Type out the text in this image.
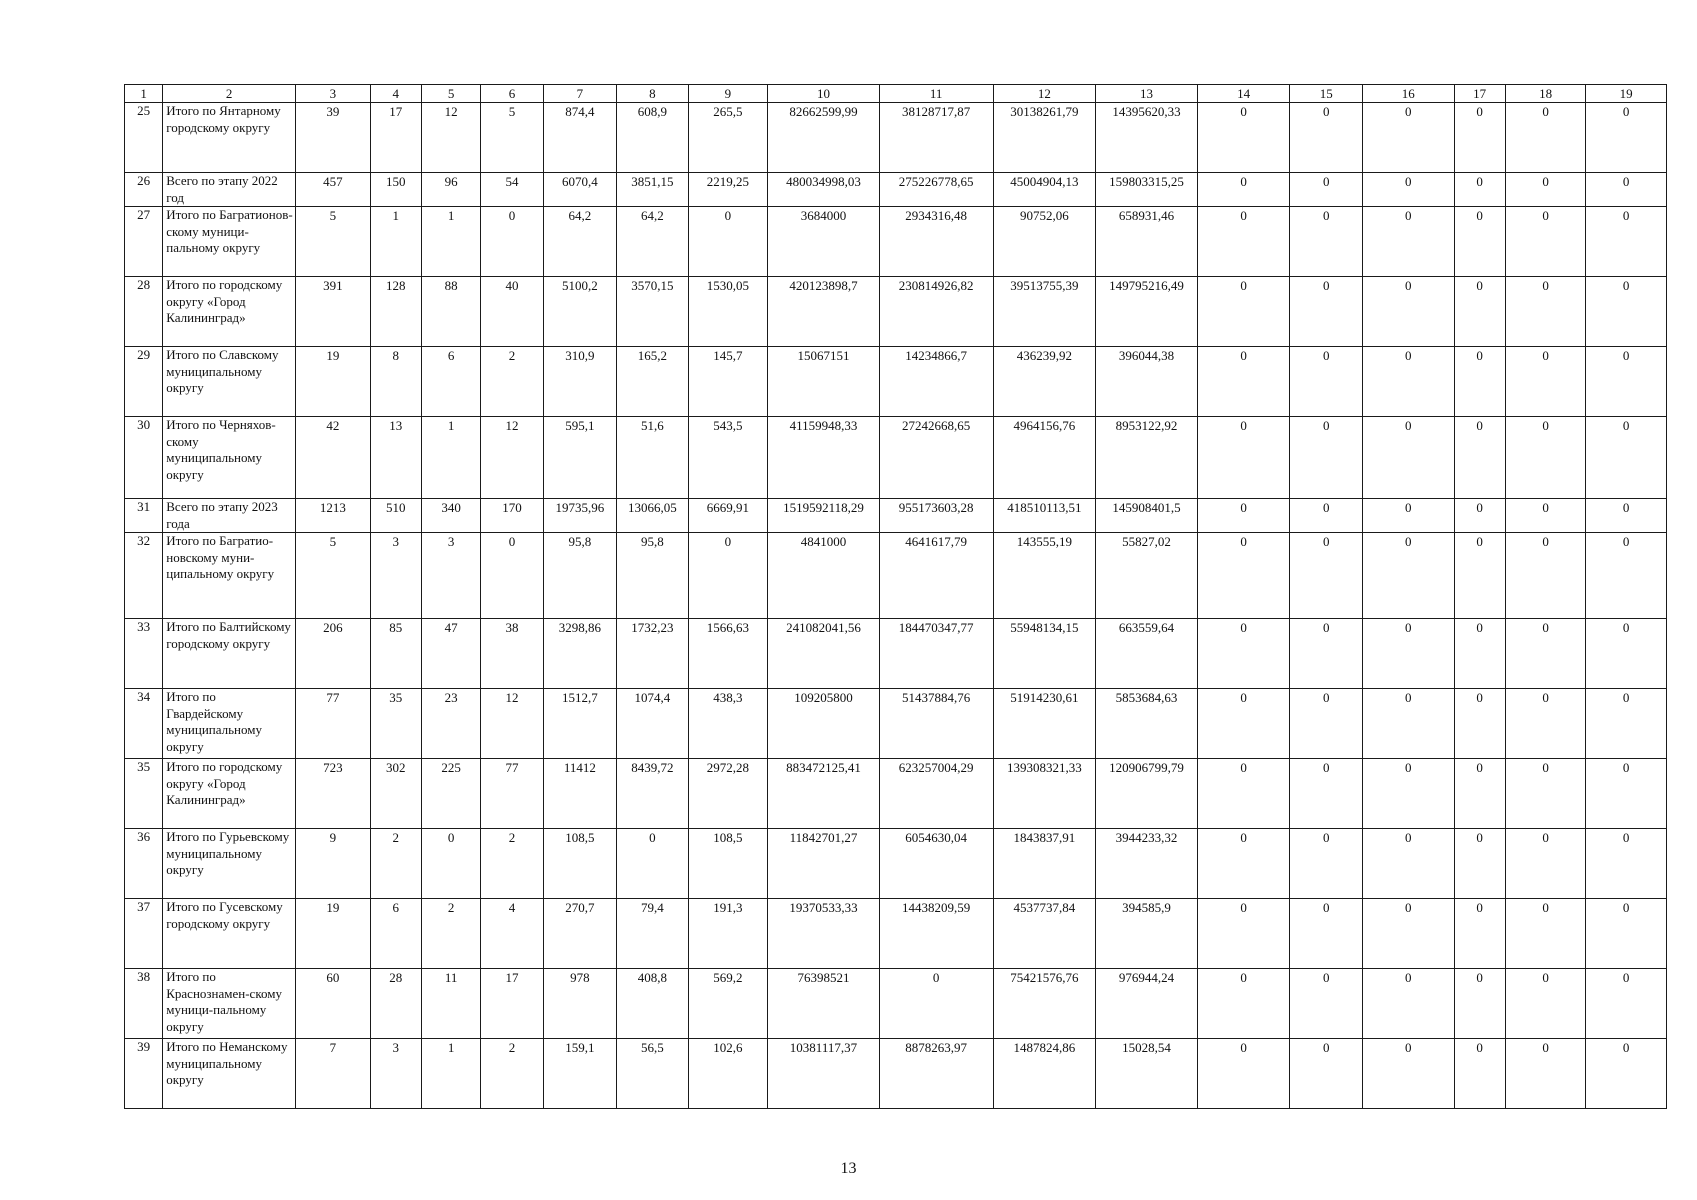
1	2	3	4	5	6	7	8	9	10	11	12	13	14	15	16	17	18	19
25	Итого по Янтарному городскому округу	39	17	12	5	874,4	608,9	265,5	82662599,99	38128717,87	30138261,79	14395620,33	0	0	0	0	0	0
26	Всего по этапу 2022 год	457	150	96	54	6070,4	3851,15	2219,25	480034998,03	275226778,65	45004904,13	159803315,25	0	0	0	0	0	0
27	Итого по Багратионов-скому муници-пальному округу	5	1	1	0	64,2	64,2	0	3684000	2934316,48	90752,06	658931,46	0	0	0	0	0	0
28	Итого по городскому округу «Город Калининград»	391	128	88	40	5100,2	3570,15	1530,05	420123898,7	230814926,82	39513755,39	149795216,49	0	0	0	0	0	0
29	Итого по Славскому муниципальному округу	19	8	6	2	310,9	165,2	145,7	15067151	14234866,7	436239,92	396044,38	0	0	0	0	0	0
30	Итого по Черняхов-скому муниципальному округу	42	13	1	12	595,1	51,6	543,5	41159948,33	27242668,65	4964156,76	8953122,92	0	0	0	0	0	0
31	Всего по этапу 2023 года	1213	510	340	170	19735,96	13066,05	6669,91	1519592118,29	955173603,28	418510113,51	145908401,5	0	0	0	0	0	0
32	Итого по Багратио-новскому муни-ципальному округу	5	3	3	0	95,8	95,8	0	4841000	4641617,79	143555,19	55827,02	0	0	0	0	0	0
33	Итого по Балтийскому городскому округу	206	85	47	38	3298,86	1732,23	1566,63	241082041,56	184470347,77	55948134,15	663559,64	0	0	0	0	0	0
34	Итого по Гвардейскому муниципальному округу	77	35	23	12	1512,7	1074,4	438,3	109205800	51437884,76	51914230,61	5853684,63	0	0	0	0	0	0
35	Итого по городскому округу «Город Калининград»	723	302	225	77	11412	8439,72	2972,28	883472125,41	623257004,29	139308321,33	120906799,79	0	0	0	0	0	0
36	Итого по Гурьевскому муниципальному округу	9	2	0	2	108,5	0	108,5	11842701,27	6054630,04	1843837,91	3944233,32	0	0	0	0	0	0
37	Итого по Гусевскому городскому округу	19	6	2	4	270,7	79,4	191,3	19370533,33	14438209,59	4537737,84	394585,9	0	0	0	0	0	0
38	Итого по Краснознамен-скому муници-пальному округу	60	28	11	17	978	408,8	569,2	76398521	0	75421576,76	976944,24	0	0	0	0	0	0
39	Итого по Неманскому муниципальному округу	7	3	1	2	159,1	56,5	102,6	10381117,37	8878263,97	1487824,86	15028,54	0	0	0	0	0	0
13
